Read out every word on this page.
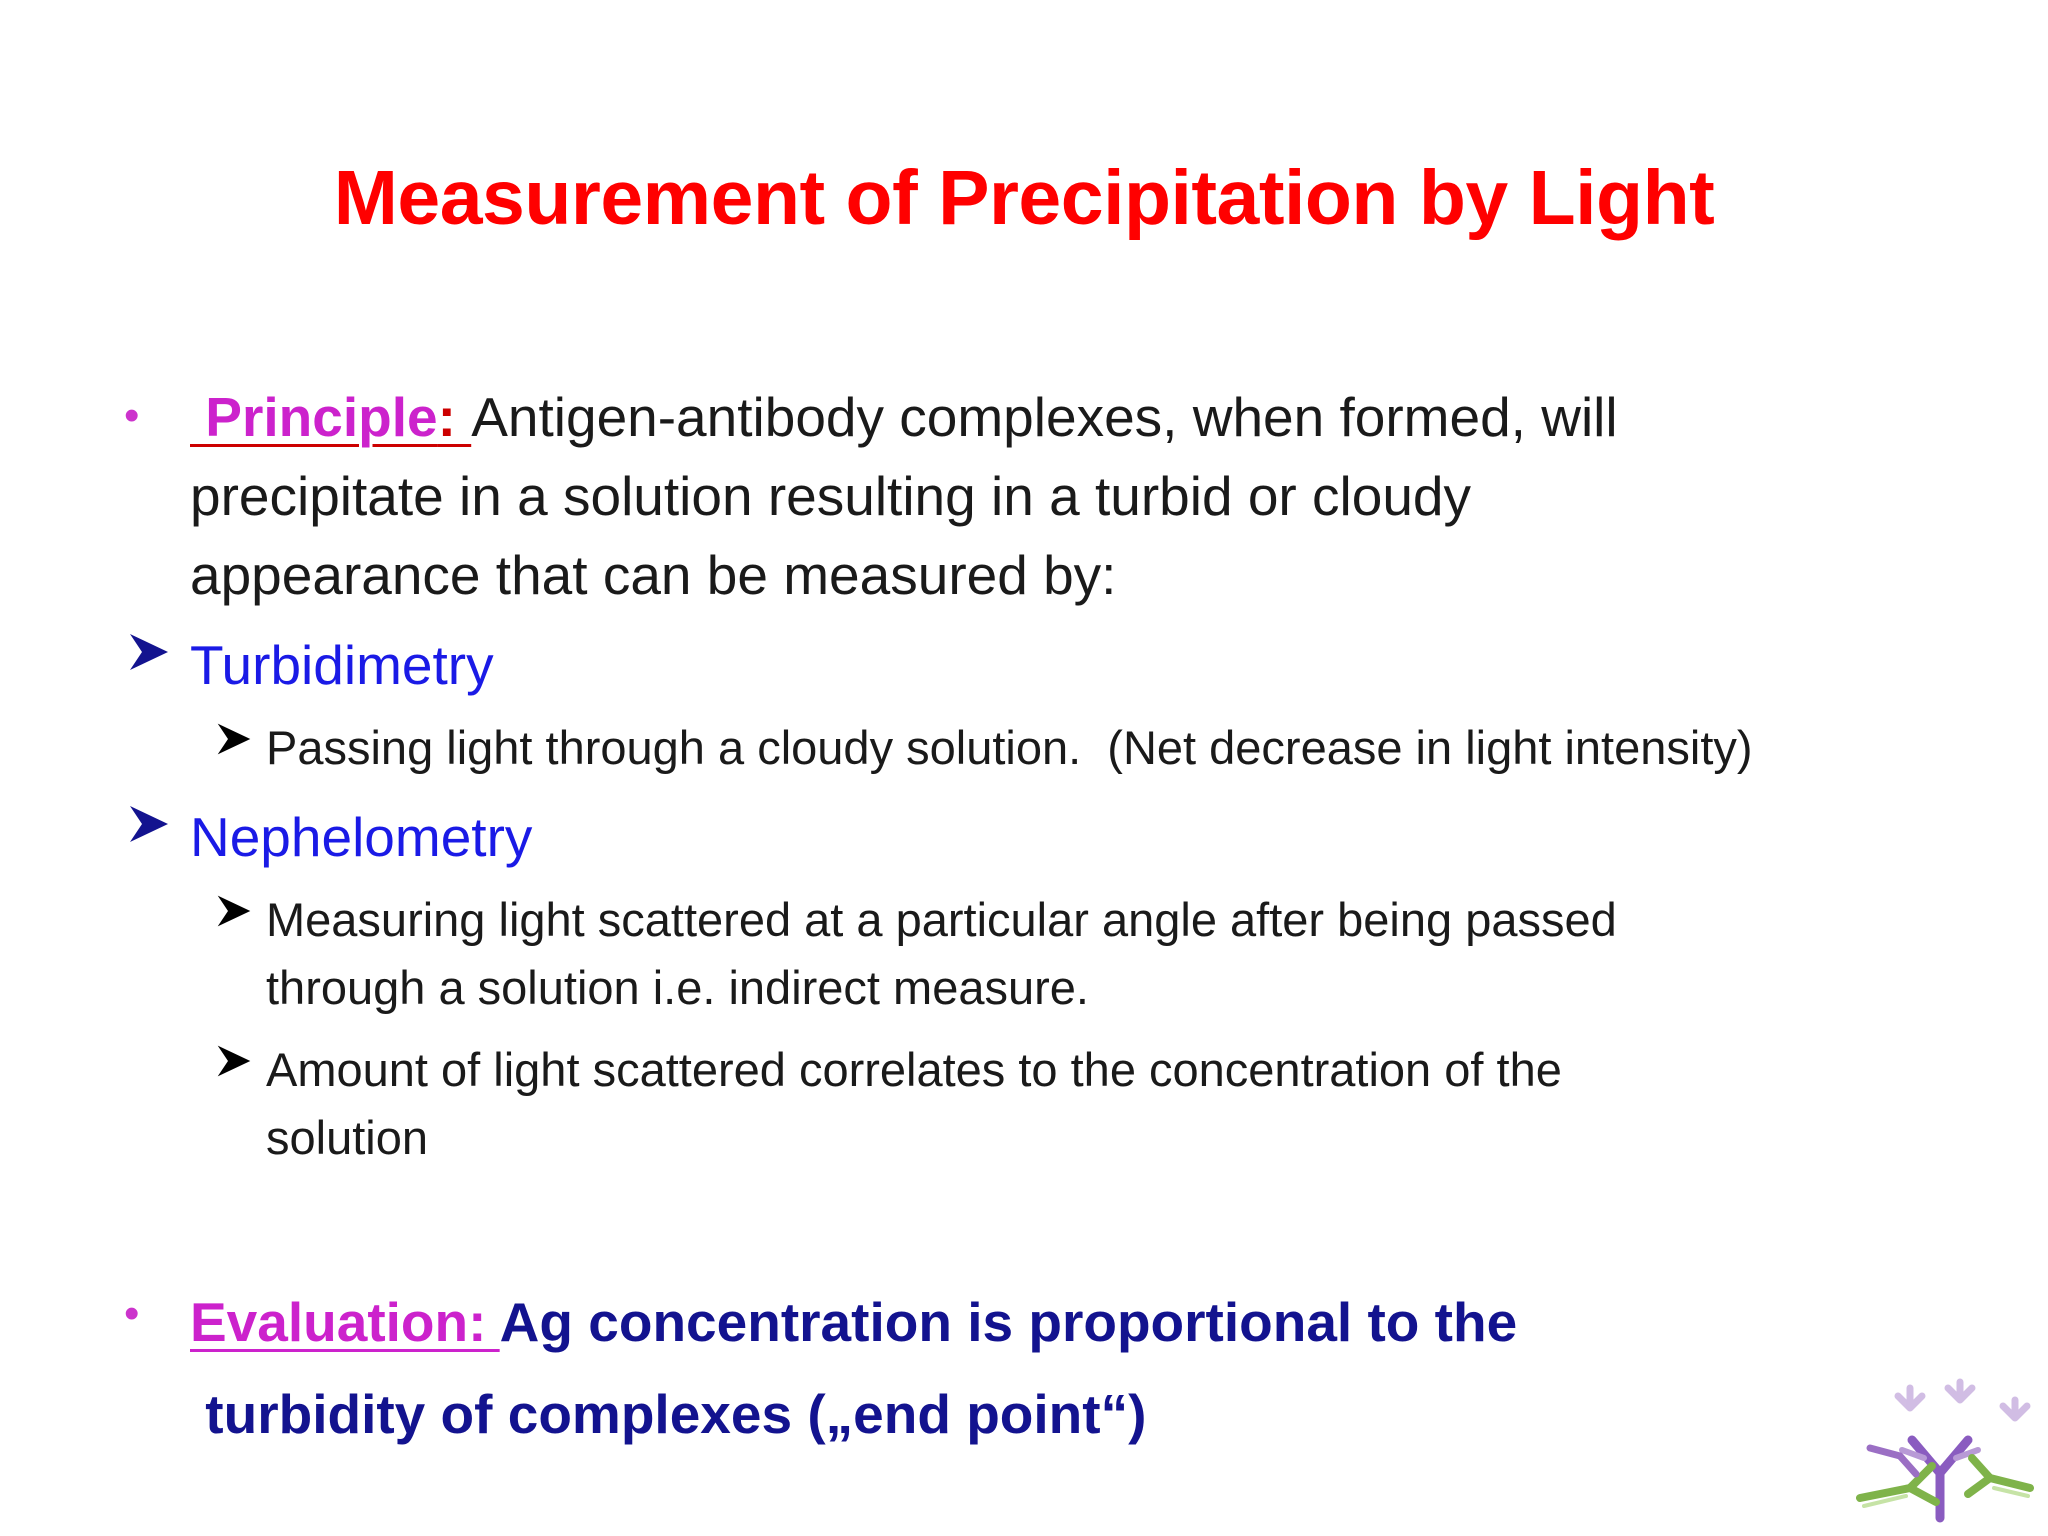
Measurement of Precipitation by Light
• Principle: Antigen-antibody complexes, when formed, will
precipitate in a solution resulting in a turbid or cloudy
appearance that can be measured by:
Turbidimetry
Passing light through a cloudy solution.  (Net decrease in light intensity)
Nephelometry
Measuring light scattered at a particular angle after being passed
through a solution i.e. indirect measure.
Amount of light scattered correlates to the concentration of the
solution
• Evaluation: Ag concentration is proportional to the
turbidity of complexes („end point“)
